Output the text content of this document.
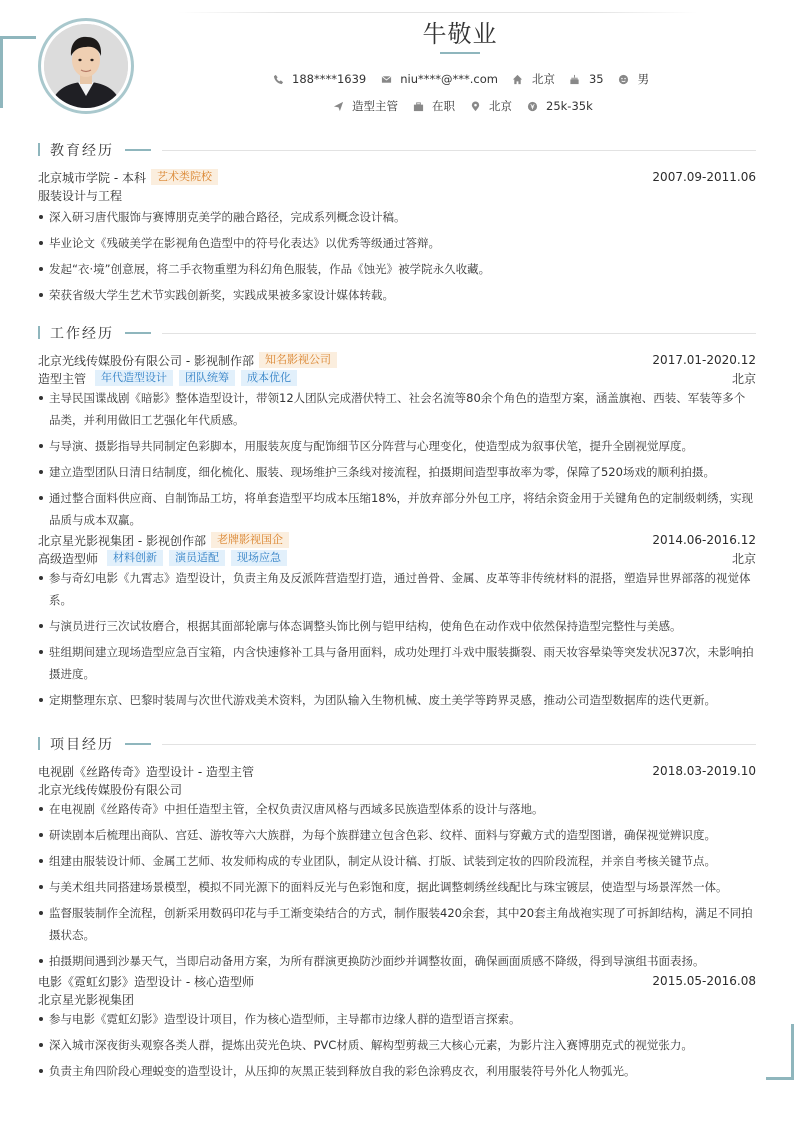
牛敬业
188****1639	niu****@***.com	北京	35	男
造型主管	在职	北京	25k-35k
教育经历
北京城市学院 - 本科	艺术类院校	2007.09-2011.06
服装设计与工程
深入研习唐代服饰与赛博朋克美学的融合路径，完成系列概念设计稿。
毕业论文《残破美学在影视角色造型中的符号化表达》以优秀等级通过答辩。
发起“衣·境”创意展，将二手衣物重塑为科幻角色服装，作品《蚀光》被学院永久收藏。
荣获省级大学生艺术节实践创新奖，实践成果被多家设计媒体转载。
工作经历
北京光线传媒股份有限公司 - 影视制作部	知名影视公司	2017.01-2020.12
造型主管	年代造型设计	团队统筹	成本优化	北京
主导民国谍战剧《暗影》整体造型设计，带领12人团队完成潜伏特工、社会名流等80余个角色的造型方案，涵盖旗袍、西装、军装等多个品类，并利用做旧工艺强化年代质感。
与导演、摄影指导共同制定色彩脚本，用服装灰度与配饰细节区分阵营与心理变化，使造型成为叙事伏笔，提升全剧视觉厚度。
建立造型团队日清日结制度，细化梳化、服装、现场维护三条线对接流程，拍摄期间造型事故率为零，保障了520场戏的顺利拍摄。
通过整合面料供应商、自制饰品工坊，将单套造型平均成本压缩18%，并放弃部分外包工序，将结余资金用于关键角色的定制级刺绣，实现品质与成本双赢。
北京星光影视集团 - 影视创作部	老牌影视国企	2014.06-2016.12
高级造型师	材料创新	演员适配	现场应急	北京
参与奇幻电影《九霄志》造型设计，负责主角及反派阵营造型打造，通过兽骨、金属、皮革等非传统材料的混搭，塑造异世界部落的视觉体系。
与演员进行三次试妆磨合，根据其面部轮廓与体态调整头饰比例与铠甲结构，使角色在动作戏中依然保持造型完整性与美感。
驻组期间建立现场造型应急百宝箱，内含快速修补工具与备用面料，成功处理打斗戏中服装撕裂、雨天妆容晕染等突发状况37次，未影响拍摄进度。
定期整理东京、巴黎时装周与次世代游戏美术资料，为团队输入生物机械、废土美学等跨界灵感，推动公司造型数据库的迭代更新。
项目经历
电视剧《丝路传奇》造型设计 - 造型主管	2018.03-2019.10
北京光线传媒股份有限公司
在电视剧《丝路传奇》中担任造型主管，全权负责汉唐风格与西域多民族造型体系的设计与落地。
研读剧本后梳理出商队、宫廷、游牧等六大族群，为每个族群建立包含色彩、纹样、面料与穿戴方式的造型图谱，确保视觉辨识度。
组建由服装设计师、金属工艺师、妆发师构成的专业团队，制定从设计稿、打版、试装到定妆的四阶段流程，并亲自考核关键节点。
与美术组共同搭建场景模型，模拟不同光源下的面料反光与色彩饱和度，据此调整刺绣丝线配比与珠宝镀层，使造型与场景浑然一体。
监督服装制作全流程，创新采用数码印花与手工渐变染结合的方式，制作服装420余套，其中20套主角战袍实现了可拆卸结构，满足不同拍摄状态。
拍摄期间遇到沙暴天气，当即启动备用方案，为所有群演更换防沙面纱并调整妆面，确保画面质感不降级，得到导演组书面表扬。
电影《霓虹幻影》造型设计 - 核心造型师	2015.05-2016.08
北京星光影视集团
参与电影《霓虹幻影》造型设计项目，作为核心造型师，主导都市边缘人群的造型语言探索。
深入城市深夜街头观察各类人群，提炼出荧光色块、PVC材质、解构型剪裁三大核心元素，为影片注入赛博朋克式的视觉张力。
负责主角四阶段心理蜕变的造型设计，从压抑的灰黑正装到释放自我的彩色涂鸦皮衣，利用服装符号外化人物弧光。
